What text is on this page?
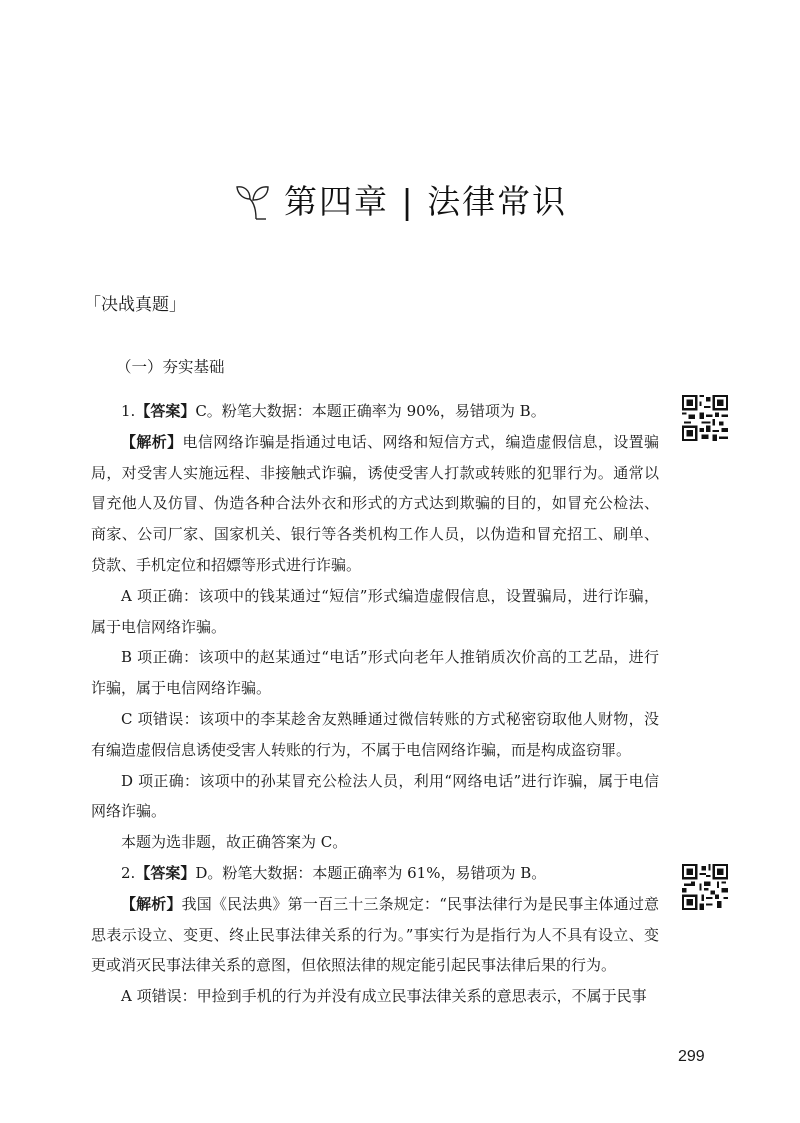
第四章 | 法律常识
「决战真题」
（一）夯实基础

1.【答案】C。粉笔大数据：本题正确率为 90%，易错项为 B。

【解析】电信网络诈骗是指通过电话、网络和短信方式，编造虚假信息，设置骗局，对受害人实施远程、非接触式诈骗，诱使受害人打款或转账的犯罪行为。通常以冒充他人及仿冒、伪造各种合法外衣和形式的方式达到欺骗的目的，如冒充公检法、商家、公司厂家、国家机关、银行等各类机构工作人员，以伪造和冒充招工、刷单、贷款、手机定位和招嫖等形式进行诈骗。

A 项正确：该项中的钱某通过“短信”形式编造虚假信息，设置骗局，进行诈骗，属于电信网络诈骗。

B 项正确：该项中的赵某通过“电话”形式向老年人推销质次价高的工艺品，进行诈骗，属于电信网络诈骗。

C 项错误：该项中的李某趁舍友熟睡通过微信转账的方式秘密窃取他人财物，没有编造虚假信息诱使受害人转账的行为，不属于电信网络诈骗，而是构成盗窃罪。

D 项正确：该项中的孙某冒充公检法人员，利用“网络电话”进行诈骗，属于电信网络诈骗。

本题为选非题，故正确答案为 C。

2.【答案】D。粉笔大数据：本题正确率为 61%，易错项为 B。

【解析】我国《民法典》第一百三十三条规定：“民事法律行为是民事主体通过意思表示设立、变更、终止民事法律关系的行为。”事实行为是指行为人不具有设立、变更或消灭民事法律关系的意图，但依照法律的规定能引起民事法律后果的行为。

A 项错误：甲捡到手机的行为并没有成立民事法律关系的意思表示，不属于民事

299
